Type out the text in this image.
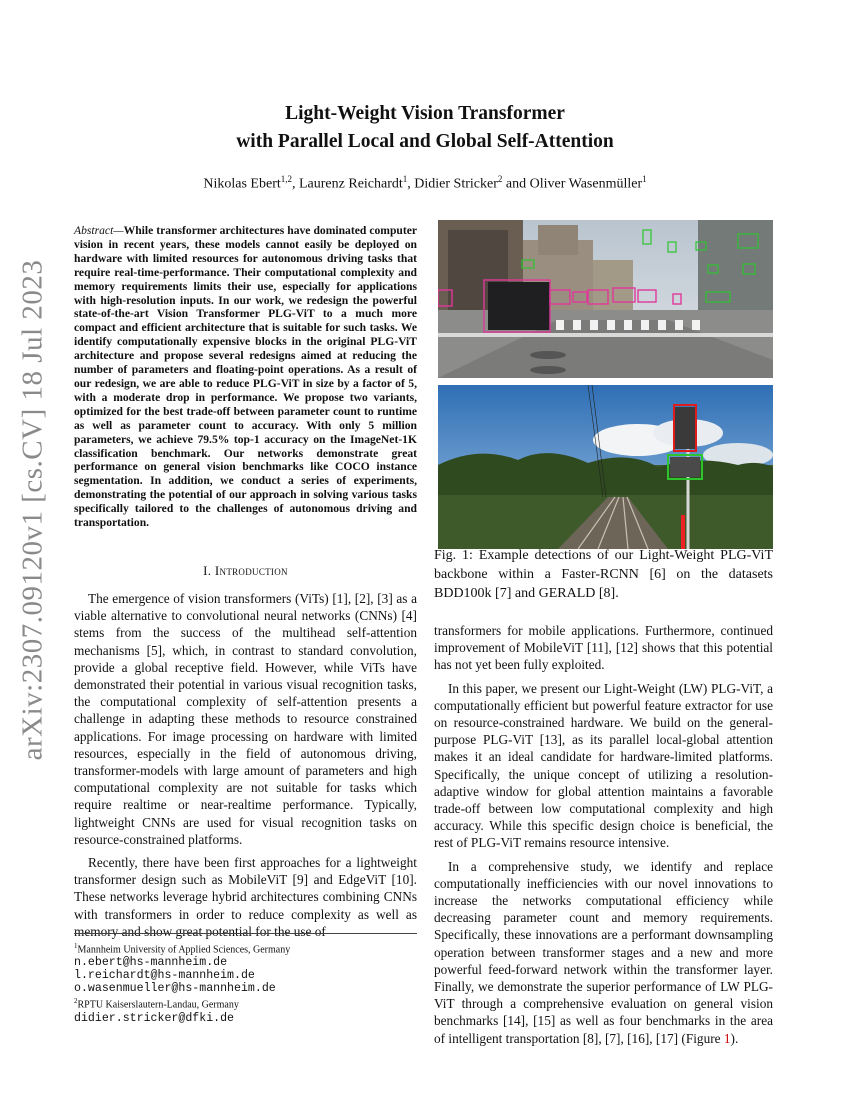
arXiv:2307.09120v1 [cs.CV] 18 Jul 2023
Light-Weight Vision Transformer
with Parallel Local and Global Self-Attention
Nikolas Ebert$^{1,2}$, Laurenz Reichardt$^1$, Didier Stricker$^2$ and Oliver Wasenmüller$^1$
Abstract—While transformer architectures have dominated computer vision in recent years, these models cannot easily be deployed on hardware with limited resources for autonomous driving tasks that require real-time-performance. Their computational complexity and memory requirements limits their use, especially for applications with high-resolution inputs. In our work, we redesign the powerful state-of-the-art Vision Transformer PLG-ViT to a much more compact and efficient architecture that is suitable for such tasks. We identify computationally expensive blocks in the original PLG-ViT architecture and propose several redesigns aimed at reducing the number of parameters and floating-point operations. As a result of our redesign, we are able to reduce PLG-ViT in size by a factor of 5, with a moderate drop in performance. We propose two variants, optimized for the best trade-off between parameter count to runtime as well as parameter count to accuracy. With only 5 million parameters, we achieve 79.5% top-1 accuracy on the ImageNet-1K classification benchmark. Our networks demonstrate great performance on general vision benchmarks like COCO instance segmentation. In addition, we conduct a series of experiments, demonstrating the potential of our approach in solving various tasks specifically tailored to the challenges of autonomous driving and transportation.
I. Introduction

The emergence of vision transformers (ViTs) [1], [2], [3] as a viable alternative to convolutional neural networks (CNNs) [4] stems from the success of the multihead self-attention mechanisms [5], which, in contrast to standard convolution, provide a global receptive field. However, while ViTs have demonstrated their potential in various visual recognition tasks, the computational complexity of self-attention presents a challenge in adapting these methods to resource constrained applications. For image processing on hardware with limited resources, especially in the field of autonomous driving, transformer-models with large amount of parameters and high computational complexity are not suitable for tasks which require realtime or near-realtime performance. Typically, lightweight CNNs are used for visual recognition tasks on resource-constrained platforms.

Recently, there have been first approaches for a lightweight transformer design such as MobileViT [9] and EdgeViT [10]. These networks leverage hybrid architectures combining CNNs with transformers in order to reduce complexity as well as memory and show great potential for the use of

$^1$Mannheim University of Applied Sciences, Germany
n.ebert@hs-mannheim.de
l.reichardt@hs-mannheim.de
o.wasenmueller@hs-mannheim.de
$^2$RPTU Kaiserslautern-Landau, Germany
didier.stricker@dfki.de

Fig. 1: Example detections of our Light-Weight PLG-ViT backbone within a Faster-RCNN [6] on the datasets BDD100k [7] and GERALD [8].

transformers for mobile applications. Furthermore, continued improvement of MobileViT [11], [12] shows that this potential has not yet been fully exploited.

In this paper, we present our Light-Weight (LW) PLG-ViT, a computationally efficient but powerful feature extractor for use on resource-constrained hardware. We build on the general-purpose PLG-ViT [13], as its parallel local-global attention makes it an ideal candidate for hardware-limited platforms. Specifically, the unique concept of utilizing a resolution-adaptive window for global attention maintains a favorable trade-off between low computational complexity and high accuracy. While this specific design choice is beneficial, the rest of PLG-ViT remains resource intensive.

In a comprehensive study, we identify and replace computationally inefficiencies with our novel innovations to increase the networks computational efficiency while decreasing parameter count and memory requirements. Specifically, these innovations are a performant downsampling operation between transformer stages and a new and more powerful feed-forward network within the transformer layer. Finally, we demonstrate the superior performance of LW PLG-ViT through a comprehensive evaluation on general vision benchmarks [14], [15] as well as four benchmarks in the area of intelligent transportation [8], [7], [16], [17] (Figure 1).
